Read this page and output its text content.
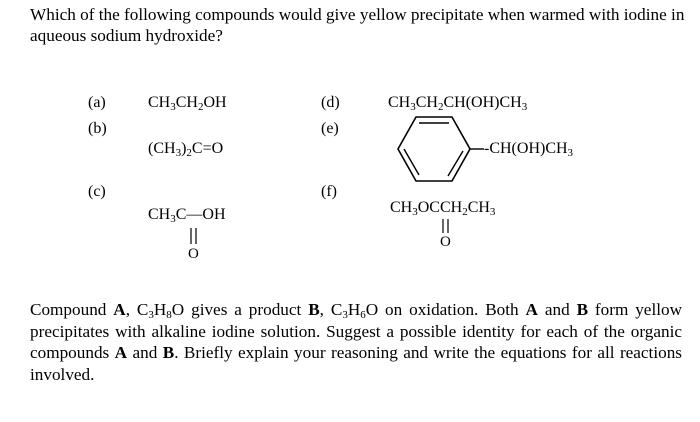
Which of the following compounds would give yellow precipitate when warmed with iodine in aqueous sodium hydroxide?

(a)	$CH_3CH_2OH$
(b)
$(CH_3)_2C=O$
(c)
$CH_3C—OH$
O
(d)	$CH_3CH_2CH(OH)CH_3$
(e)
$-CH(OH)CH_3$
(f)
$CH_3OCCH_2CH_3$
O

Compound A, $C_3H_8O$ gives a product B, $C_3H_6O$ on oxidation. Both A and B form yellow precipitates with alkaline iodine solution. Suggest a possible identity for each of the organic compounds A and B. Briefly explain your reasoning and write the equations for all reactions involved.
